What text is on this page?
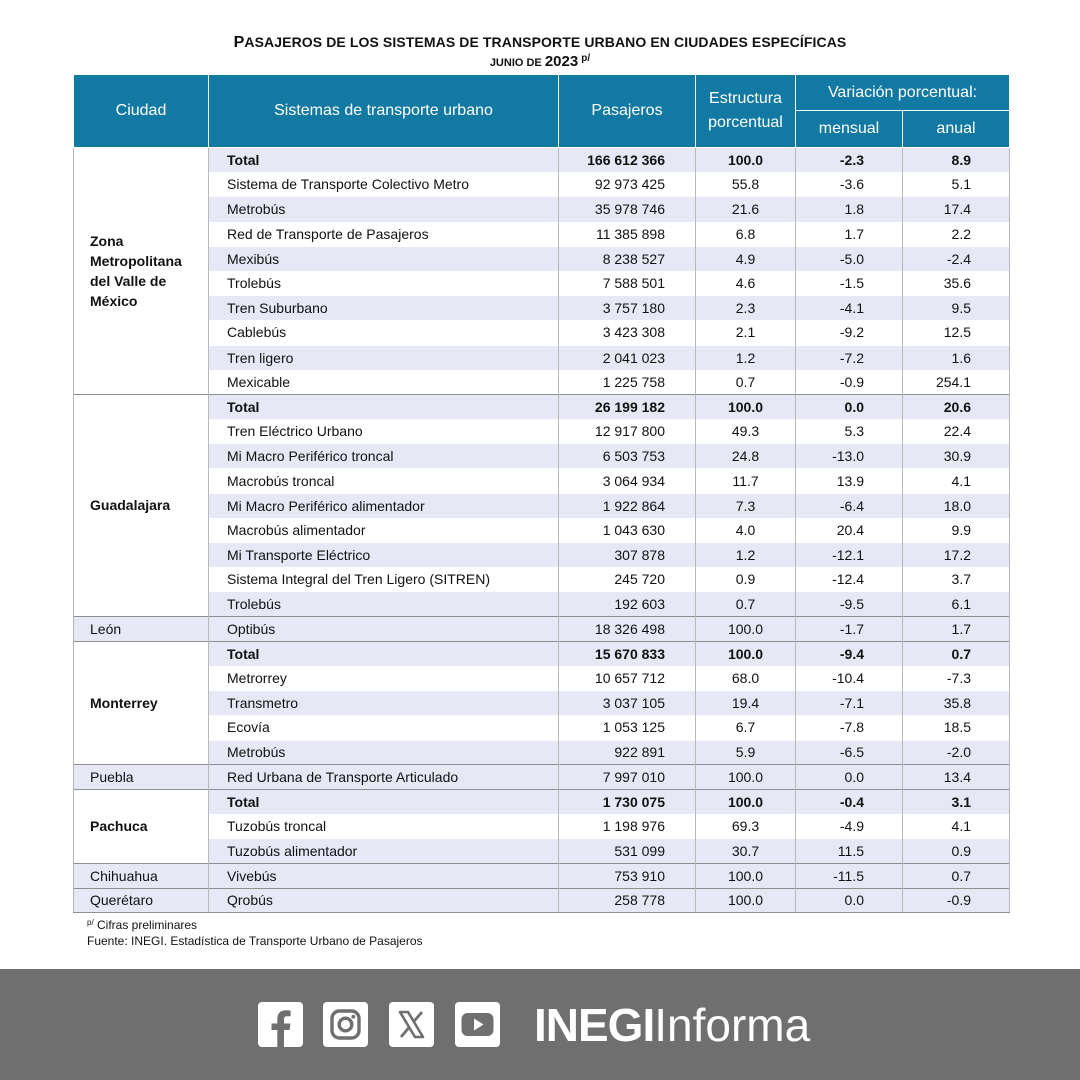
PASAJEROS DE LOS SISTEMAS DE TRANSPORTE URBANO EN CIUDADES ESPECÍFICAS
JUNIO DE 2023 $^{p/}$
Ciudad	Sistemas de transporte urbano	Pasajeros	Estructura
porcentual	Variación porcentual:	
				mensual	anual
Zona
Metropolitana
del Valle de
México	Total	166 612 366	100.0	-2.3	8.9
	Sistema de Transporte Colectivo Metro	92 973 425	55.8	-3.6	5.1
	Metrobús	35 978 746	21.6	1.8	17.4
	Red de Transporte de Pasajeros	11 385 898	6.8	1.7	2.2
	Mexibús	8 238 527	4.9	-5.0	-2.4
	Trolebús	7 588 501	4.6	-1.5	35.6
	Tren Suburbano	3 757 180	2.3	-4.1	9.5
	Cablebús	3 423 308	2.1	-9.2	12.5
	Tren ligero	2 041 023	1.2	-7.2	1.6
	Mexicable	1 225 758	0.7	-0.9	254.1
Guadalajara	Total	26 199 182	100.0	0.0	20.6
	Tren Eléctrico Urbano	12 917 800	49.3	5.3	22.4
	Mi Macro Periférico troncal	6 503 753	24.8	-13.0	30.9
	Macrobús troncal	3 064 934	11.7	13.9	4.1
	Mi Macro Periférico alimentador	1 922 864	7.3	-6.4	18.0
	Macrobús alimentador	1 043 630	4.0	20.4	9.9
	Mi Transporte Eléctrico	307 878	1.2	-12.1	17.2
	Sistema Integral del Tren Ligero (SITREN)	245 720	0.9	-12.4	3.7
	Trolebús	192 603	0.7	-9.5	6.1
León	Optibús	18 326 498	100.0	-1.7	1.7
Monterrey	Total	15 670 833	100.0	-9.4	0.7
	Metrorrey	10 657 712	68.0	-10.4	-7.3
	Transmetro	3 037 105	19.4	-7.1	35.8
	Ecovía	1 053 125	6.7	-7.8	18.5
	Metrobús	922 891	5.9	-6.5	-2.0
Puebla	Red Urbana de Transporte Articulado	7 997 010	100.0	0.0	13.4
Pachuca	Total	1 730 075	100.0	-0.4	3.1
	Tuzobús troncal	1 198 976	69.3	-4.9	4.1
	Tuzobús alimentador	531 099	30.7	11.5	0.9
Chihuahua	Vivebús	753 910	100.0	-11.5	0.7
Querétaro	Qrobús	258 778	100.0	0.0	-0.9
$^{p/}$ Cifras preliminares
Fuente: INEGI. Estadística de Transporte Urbano de Pasajeros
INEGIInforma
